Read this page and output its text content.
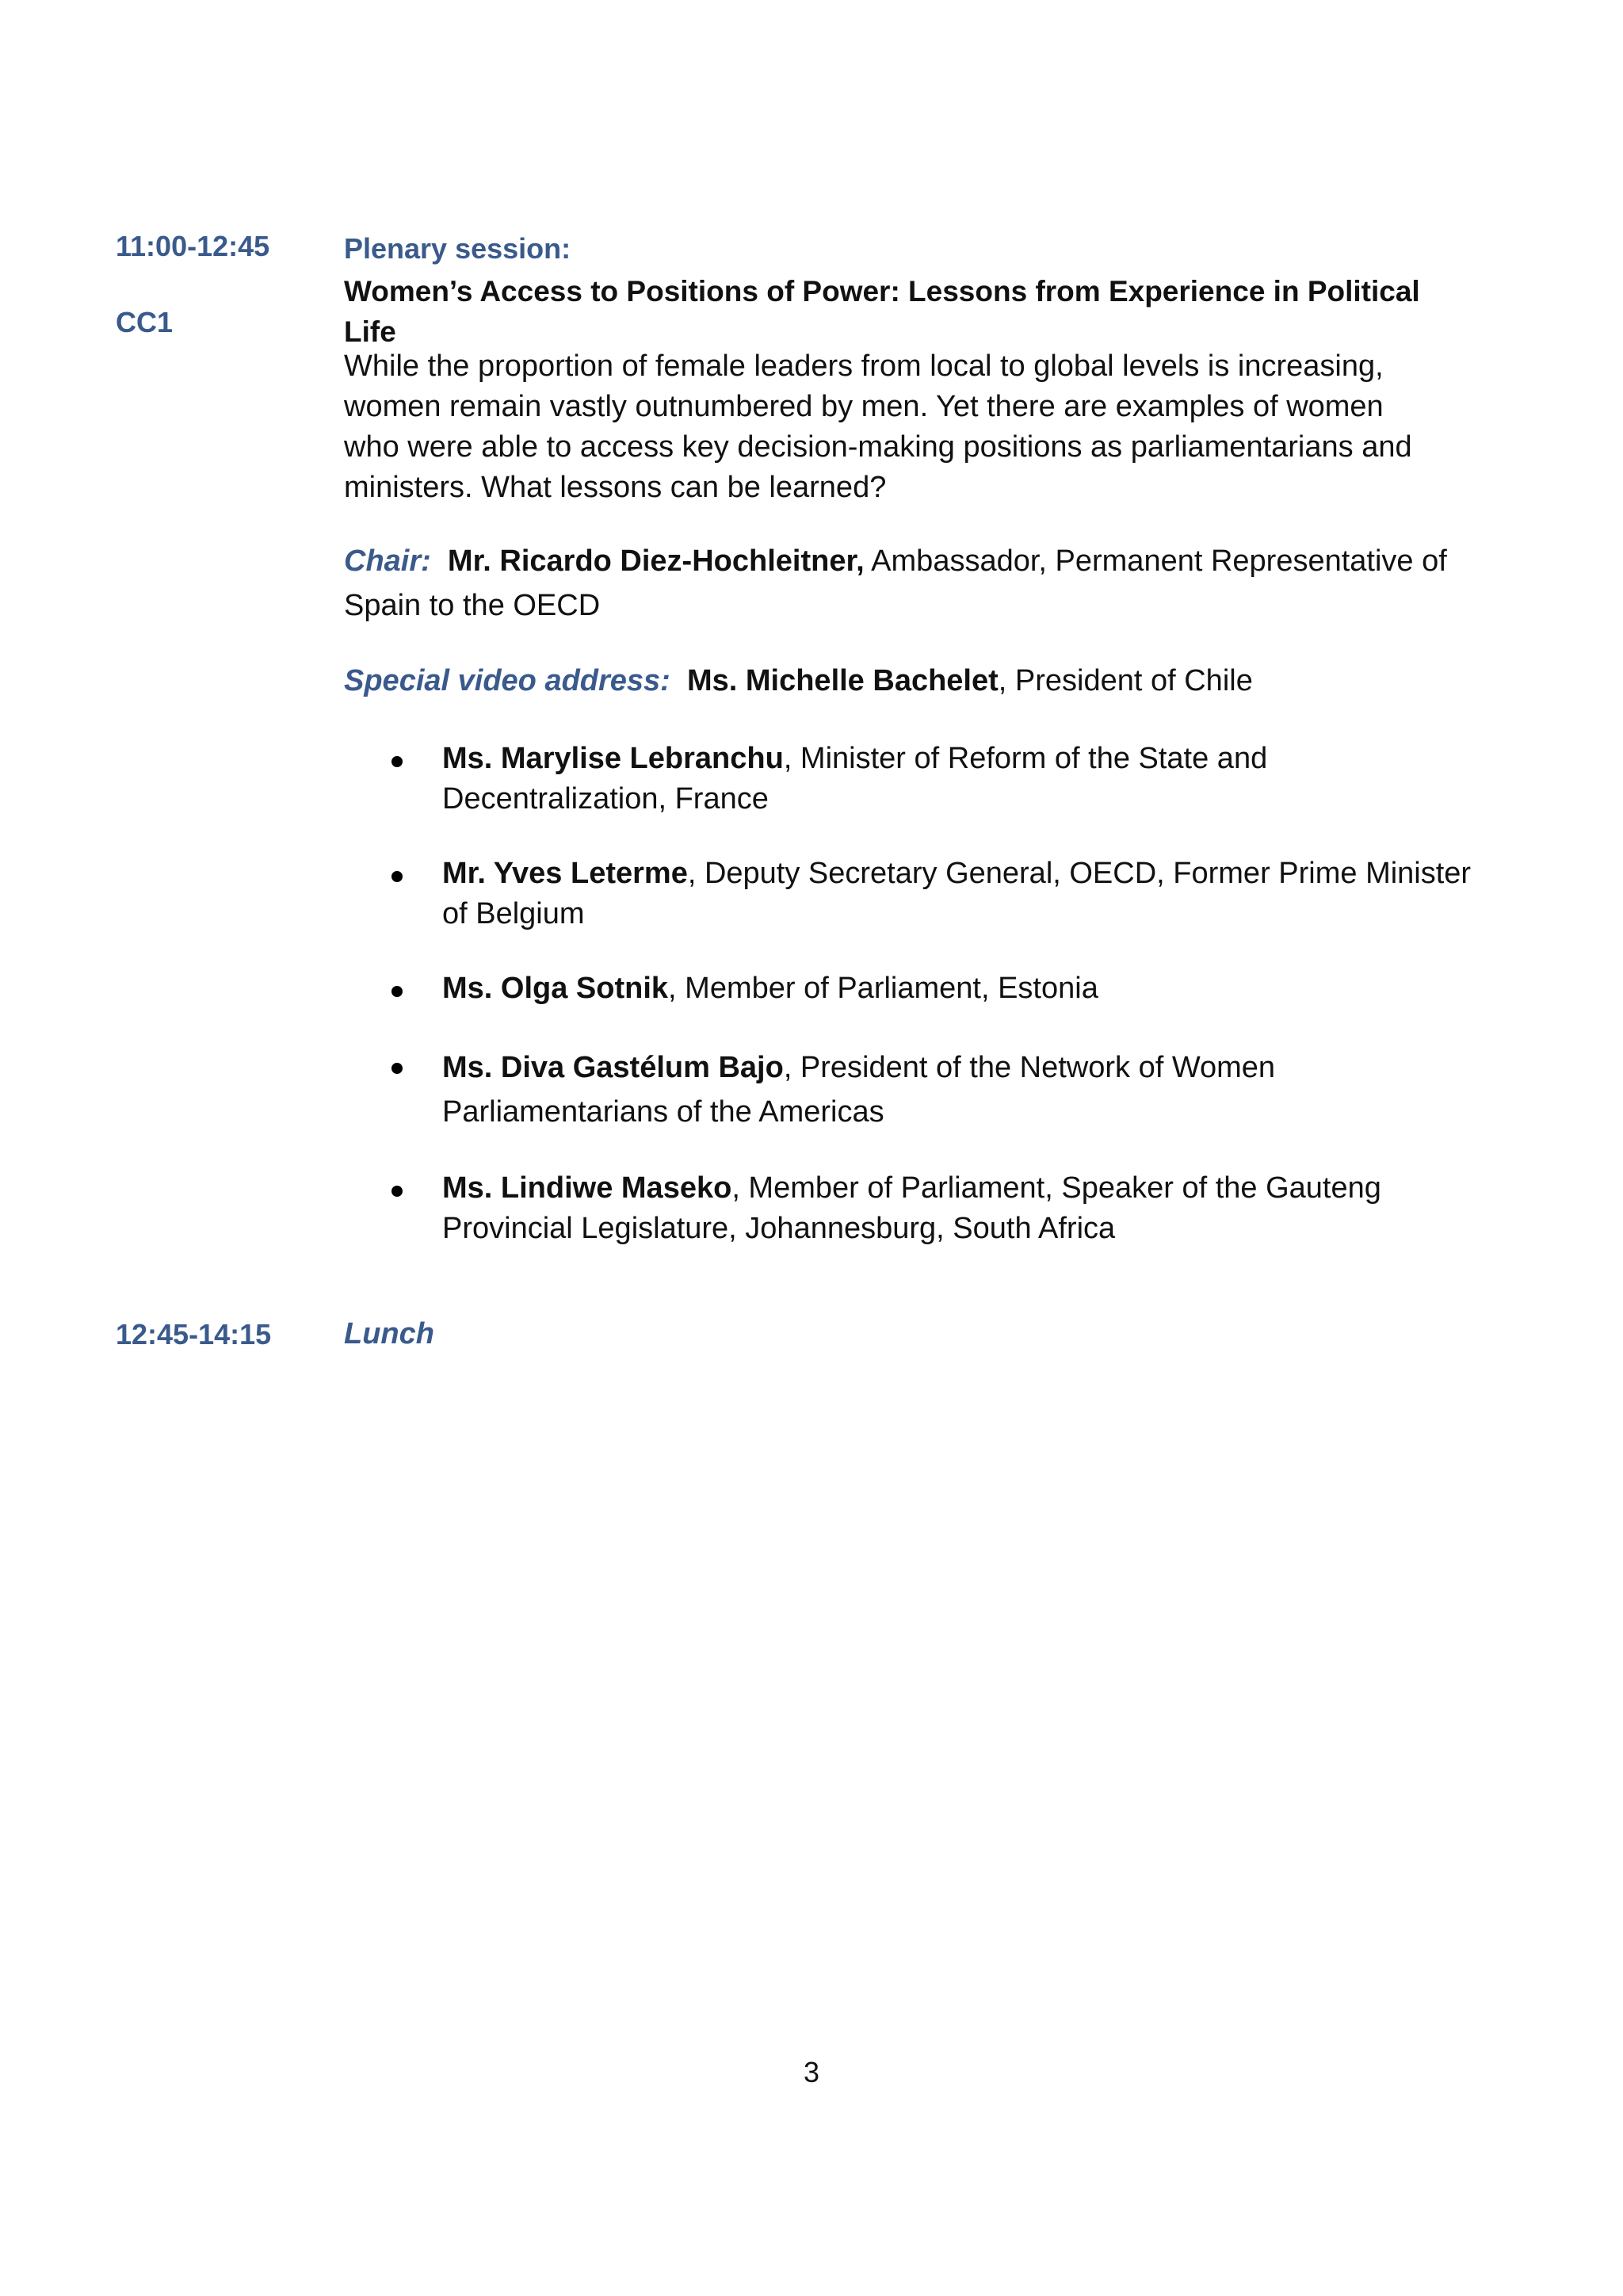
11:00-12:45
CC1
Plenary session:
Women’s Access to Positions of Power: Lessons from Experience in Political Life
While the proportion of female leaders from local to global levels is increasing, women remain vastly outnumbered by men. Yet there are examples of women who were able to access key decision-making positions as parliamentarians and ministers. What lessons can be learned?
Chair: Mr. Ricardo Diez-Hochleitner, Ambassador, Permanent Representative of Spain to the OECD
Special video address: Ms. Michelle Bachelet, President of Chile
Ms. Marylise Lebranchu, Minister of Reform of the State and Decentralization, France
Mr. Yves Leterme, Deputy Secretary General, OECD, Former Prime Minister of Belgium
Ms. Olga Sotnik, Member of Parliament, Estonia
Ms. Diva Gastélum Bajo, President of the Network of Women Parliamentarians of the Americas
Ms. Lindiwe Maseko, Member of Parliament, Speaker of the Gauteng Provincial Legislature, Johannesburg, South Africa
12:45-14:15 Lunch
3
